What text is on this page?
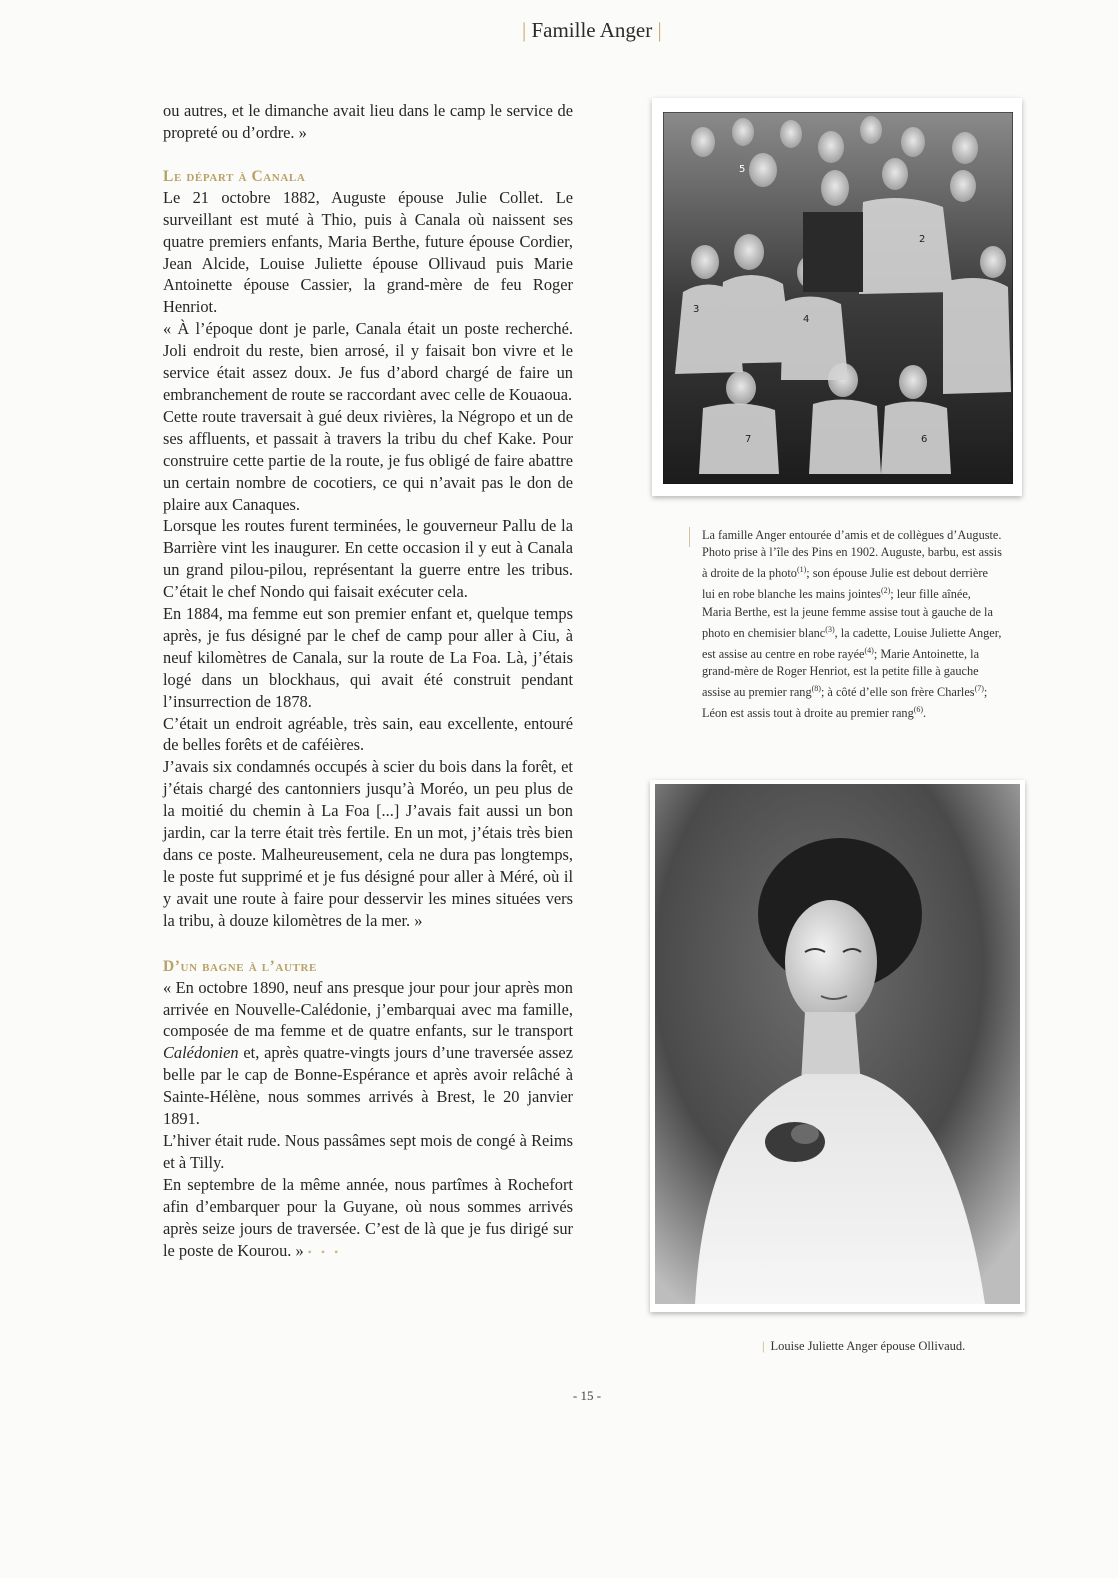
| Famille Anger |

ou autres, et le dimanche avait lieu dans le camp le service de propreté ou d’ordre. »

Le départ à Canala

Le 21 octobre 1882, Auguste épouse Julie Collet. Le surveillant est muté à Thio, puis à Canala où naissent ses quatre premiers enfants, Maria Berthe, future épouse Cordier, Jean Alcide, Louise Juliette épouse Ollivaud puis Marie Antoinette épouse Cassier, la grand-mère de feu Roger Henriot.

« À l’époque dont je parle, Canala était un poste recherché. Joli endroit du reste, bien arrosé, il y faisait bon vivre et le service était assez doux. Je fus d’abord chargé de faire un embranchement de route se raccordant avec celle de Kouaoua.

Cette route traversait à gué deux rivières, la Négropo et un de ses affluents, et passait à travers la tribu du chef Kake. Pour construire cette partie de la route, je fus obligé de faire abattre un certain nombre de cocotiers, ce qui n’avait pas le don de plaire aux Canaques.

Lorsque les routes furent terminées, le gouverneur Pallu de la Barrière vint les inaugurer. En cette occasion il y eut à Canala un grand pilou-pilou, représentant la guerre entre les tribus. C’était le chef Nondo qui faisait exécuter cela.

En 1884, ma femme eut son premier enfant et, quelque temps après, je fus désigné par le chef de camp pour aller à Ciu, à neuf kilomètres de Canala, sur la route de La Foa. Là, j’étais logé dans un blockhaus, qui avait été construit pendant l’insurrection de 1878.

C’était un endroit agréable, très sain, eau excellente, entouré de belles forêts et de caféières.

J’avais six condamnés occupés à scier du bois dans la forêt, et j’étais chargé des cantonniers jusqu’à Moréo, un peu plus de la moitié du chemin à La Foa [...] J’avais fait aussi un bon jardin, car la terre était très fertile. En un mot, j’étais très bien dans ce poste. Malheureusement, cela ne dura pas longtemps, le poste fut supprimé et je fus désigné pour aller à Méré, où il y avait une route à faire pour desservir les mines situées vers la tribu, à douze kilomètres de la mer. »

D’un bagne à l’autre

« En octobre 1890, neuf ans presque jour pour jour après mon arrivée en Nouvelle-Calédonie, j’embarquai avec ma famille, composée de ma femme et de quatre enfants, sur le transport Calédonien et, après quatre-vingts jours d’une traversée assez belle par le cap de Bonne-Espérance et après avoir relâché à Sainte-Hélène, nous sommes arrivés à Brest, le 20 janvier 1891.

L’hiver était rude. Nous passâmes sept mois de congé à Reims et à Tilly.

En septembre de la même année, nous partîmes à Rochefort afin d’embarquer pour la Guyane, où nous sommes arrivés après seize jours de traversée. C’est de là que je fus dirigé sur le poste de Kourou. » • • •

5
2
3
4
7	6
La famille Anger entourée d’amis et de collègues d’Auguste. Photo prise à l’île des Pins en 1902. Auguste, barbu, est assis à droite de la photo$^{(1)}$; son épouse Julie est debout derrière lui en robe blanche les mains jointes$^{(2)}$; leur fille aînée, Maria Berthe, est la jeune femme assise tout à gauche de la photo en chemisier blanc$^{(3)}$, la cadette, Louise Juliette Anger, est assise au centre en robe rayée$^{(4)}$; Marie Antoinette, la grand-mère de Roger Henriot, est la petite fille à gauche assise au premier rang$^{(8)}$; à côté d’elle son frère Charles$^{(7)}$; Léon est assis tout à droite au premier rang$^{(6)}$.
| Louise Juliette Anger épouse Ollivaud.
- 15 -
